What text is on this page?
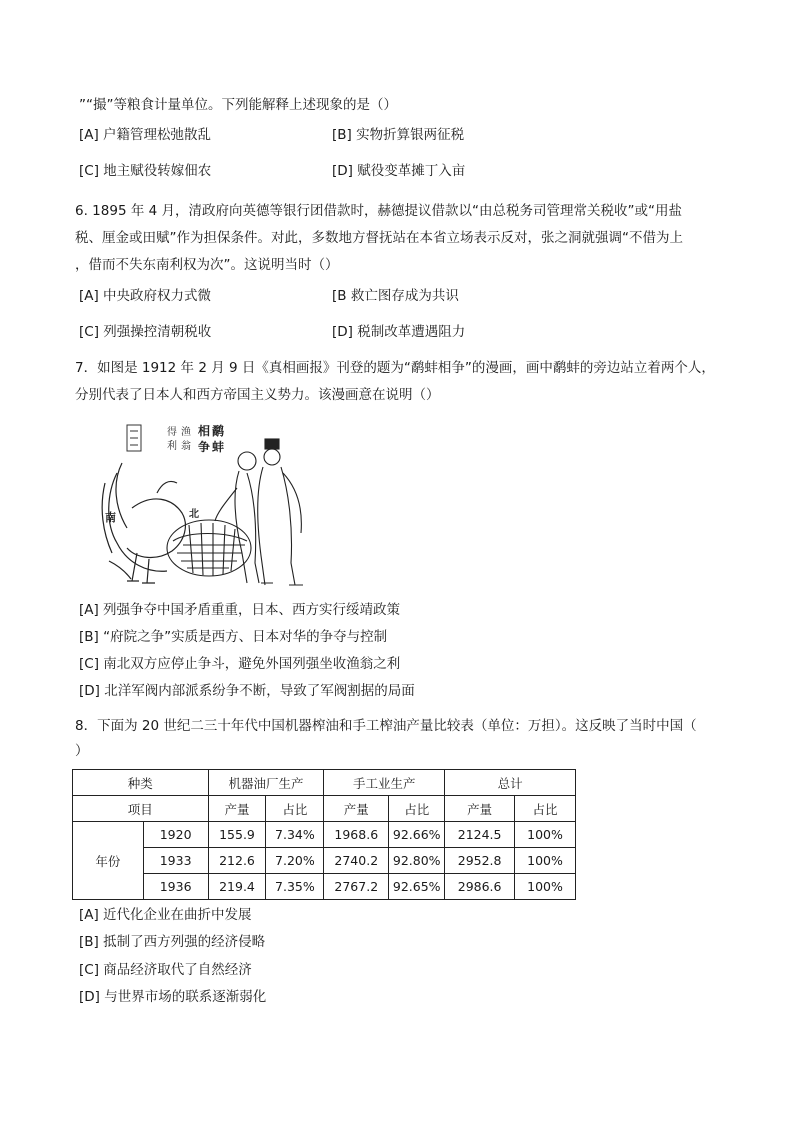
”“撮”等粮食计量单位。下列能解释上述现象的是（）
[A] 户籍管理松弛散乱	[B] 实物折算银两征税
[C] 地主赋役转嫁佃农	[D] 赋役变革摊丁入亩
6. 1895 年 4 月，清政府向英德等银行团借款时，赫德提议借款以“由总税务司管理常关税收”或“用盐
税、厘金或田赋”作为担保条件。对此，多数地方督抚站在本省立场表示反对，张之洞就强调“不借为上
，借而不失东南利权为次”。这说明当时（）
[A] 中央政府权力式微	[B 救亡图存成为共识
[C] 列强操控清朝税收	[D] 税制改革遭遇阻力
7．如图是 1912 年 2 月 9 日《真相画报》刊登的题为“鹬蚌相争”的漫画，画中鹬蚌的旁边站立着两个人，
分别代表了日本人和西方帝国主义势力。该漫画意在说明（）
鹬
蚌
相
争
渔
翁
得
利
南	北
[A] 列强争夺中国矛盾重重，日本、西方实行绥靖政策
[B] “府院之争”实质是西方、日本对华的争夺与控制
[C] 南北双方应停止争斗，避免外国列强坐收渔翁之利
[D] 北洋军阀内部派系纷争不断，导致了军阀割据的局面
8．下面为 20 世纪二三十年代中国机器榨油和手工榨油产量比较表（单位：万担）。这反映了当时中国（
）
种类		机器油厂生产		手工业生产		总计	
项目		产量	占比	产量	占比	产量	占比
年份	1920	155.9	7.34%	1968.6	92.66%	2124.5	100%
	1933	212.6	7.20%	2740.2	92.80%	2952.8	100%
	1936	219.4	7.35%	2767.2	92.65%	2986.6	100%
[A] 近代化企业在曲折中发展
[B] 抵制了西方列强的经济侵略
[C] 商品经济取代了自然经济
[D] 与世界市场的联系逐渐弱化
